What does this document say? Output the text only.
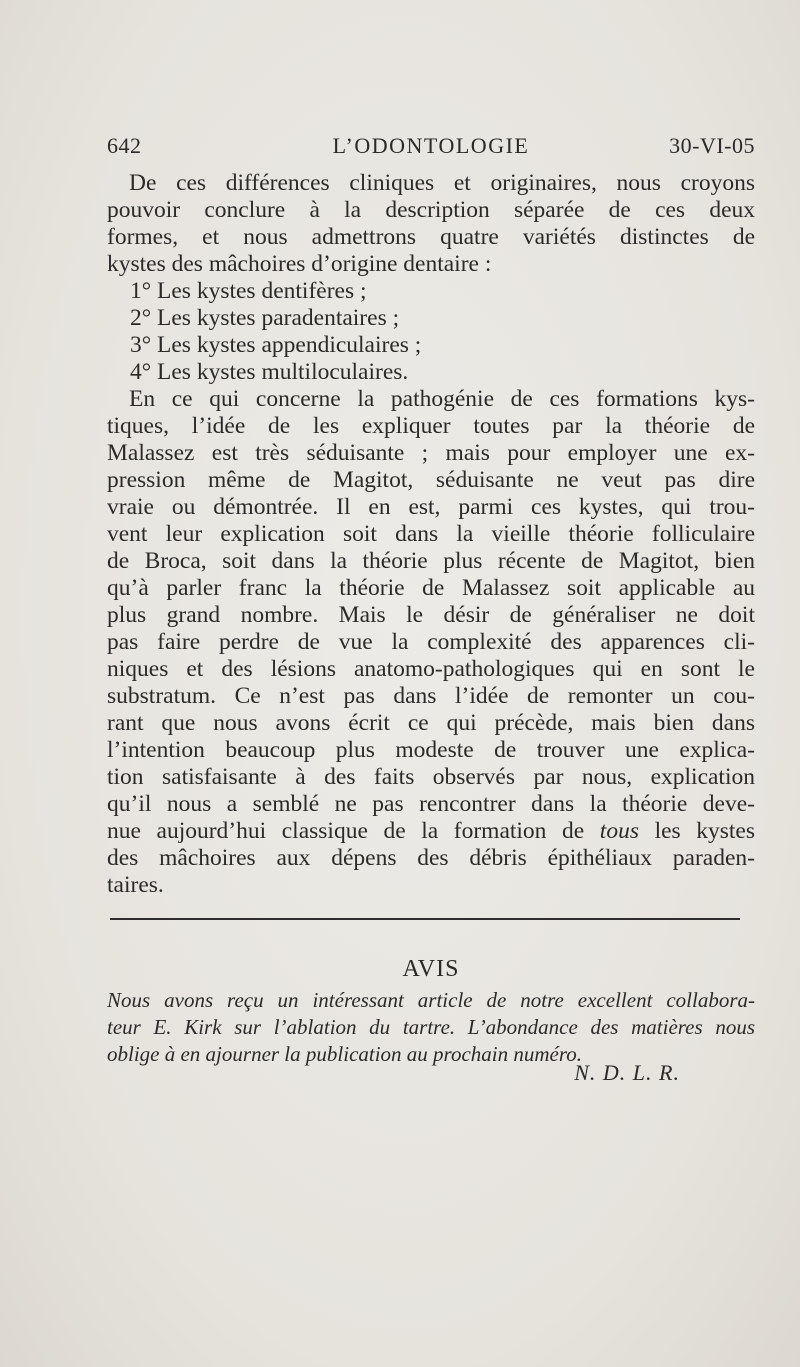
642	L’ODONTOLOGIE	30-VI-05
De ces différences cliniques et originaires, nous croyons
pouvoir conclure à la description séparée de ces deux
formes, et nous admettrons quatre variétés distinctes de
kystes des mâchoires d’origine dentaire :
1° Les kystes dentifères ;
2° Les kystes paradentaires ;
3° Les kystes appendiculaires ;
4° Les kystes multiloculaires.
En ce qui concerne la pathogénie de ces formations kys-
tiques, l’idée de les expliquer toutes par la théorie de
Malassez est très séduisante ; mais pour employer une ex-
pression même de Magitot, séduisante ne veut pas dire
vraie ou démontrée. Il en est, parmi ces kystes, qui trou-
vent leur explication soit dans la vieille théorie folliculaire
de Broca, soit dans la théorie plus récente de Magitot, bien
qu’à parler franc la théorie de Malassez soit applicable au
plus grand nombre. Mais le désir de généraliser ne doit
pas faire perdre de vue la complexité des apparences cli-
niques et des lésions anatomo-pathologiques qui en sont le
substratum. Ce n’est pas dans l’idée de remonter un cou-
rant que nous avons écrit ce qui précède, mais bien dans
l’intention beaucoup plus modeste de trouver une explica-
tion satisfaisante à des faits observés par nous, explication
qu’il nous a semblé ne pas rencontrer dans la théorie deve-
nue aujourd’hui classique de la formation de tous les kystes
des mâchoires aux dépens des débris épithéliaux paraden-
taires.
AVIS
Nous avons reçu un intéressant article de notre excellent collabora-
teur E. Kirk sur l’ablation du tartre. L’abondance des matières nous
oblige à en ajourner la publication au prochain numéro.
N. D. L. R.
